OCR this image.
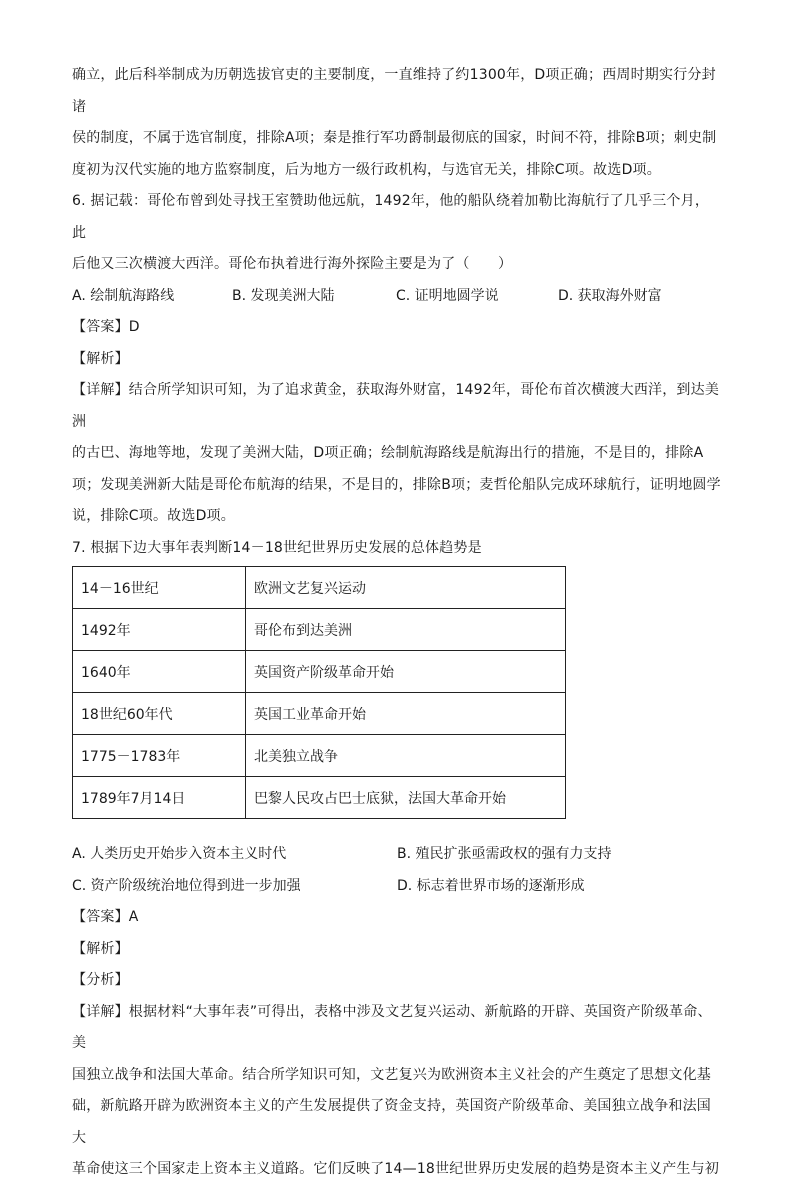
确立，此后科举制成为历朝选拔官吏的主要制度，一直维持了约1300年，D项正确；西周时期实行分封诸

侯的制度，不属于选官制度，排除A项；秦是推行军功爵制最彻底的国家，时间不符，排除B项；刺史制

度初为汉代实施的地方监察制度，后为地方一级行政机构，与选官无关，排除C项。故选D项。

6. 据记载：哥伦布曾到处寻找王室赞助他远航，1492年，他的船队绕着加勒比海航行了几乎三个月，此

后他又三次横渡大西洋。哥伦布执着进行海外探险主要是为了（　　）

A. 绘制航海路线	B. 发现美洲大陆	C. 证明地圆学说	D. 获取海外财富

【答案】D

【解析】

【详解】结合所学知识可知，为了追求黄金，获取海外财富，1492年，哥伦布首次横渡大西洋，到达美洲

的古巴、海地等地，发现了美洲大陆，D项正确；绘制航海路线是航海出行的措施，不是目的，排除A

项；发现美洲新大陆是哥伦布航海的结果，不是目的，排除B项；麦哲伦船队完成环球航行，证明地圆学

说，排除C项。故选D项。

7. 根据下边大事年表判断14－18世纪世界历史发展的总体趋势是

14－16世纪	欧洲文艺复兴运动
1492年	哥伦布到达美洲
1640年	英国资产阶级革命开始
18世纪60年代	英国工业革命开始
1775－1783年	北美独立战争
1789年7月14日	巴黎人民攻占巴士底狱，法国大革命开始
A. 人类历史开始步入资本主义时代	B. 殖民扩张亟需政权的强有力支持
C. 资产阶级统治地位得到进一步加强	D. 标志着世界市场的逐渐形成

【答案】A

【解析】

【分析】

【详解】根据材料“大事年表”可得出，表格中涉及文艺复兴运动、新航路的开辟、英国资产阶级革命、美

国独立战争和法国大革命。结合所学知识可知，文艺复兴为欧洲资本主义社会的产生奠定了思想文化基

础，新航路开辟为欧洲资本主义的产生发展提供了资金支持，英国资产阶级革命、美国独立战争和法国大

革命使这三个国家走上资本主义道路。它们反映了14—18世纪世界历史发展的趋势是资本主义产生与初
